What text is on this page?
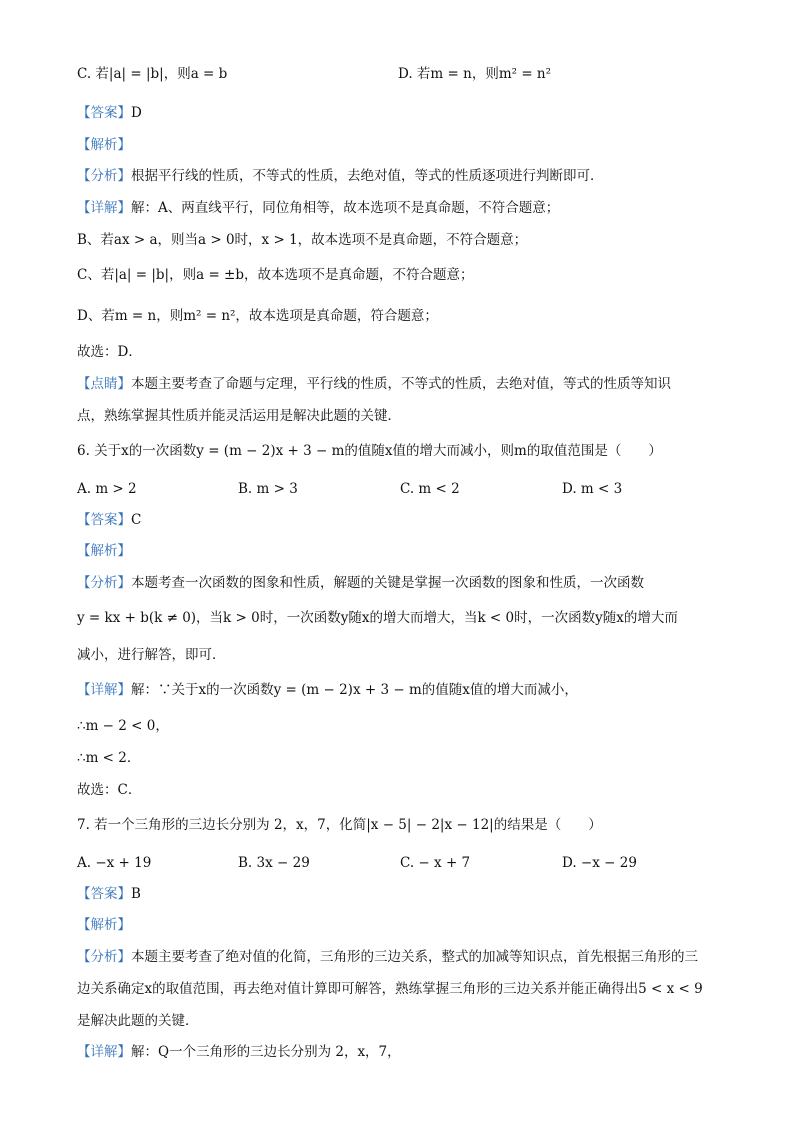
C. 若|a| = |b|，则a = b	D. 若m = n，则m² = n²
【答案】D
【解析】
【分析】根据平行线的性质，不等式的性质，去绝对值，等式的性质逐项进行判断即可．
【详解】解：A、两直线平行，同位角相等，故本选项不是真命题，不符合题意；
B、若ax > a，则当a > 0时，x > 1，故本选项不是真命题，不符合题意；
C、若|a| = |b|，则a = ±b，故本选项不是真命题，不符合题意；
D、若m = n，则m² = n²，故本选项是真命题，符合题意；
故选：D．
【点睛】本题主要考查了命题与定理，平行线的性质，不等式的性质，去绝对值，等式的性质等知识
点，熟练掌握其性质并能灵活运用是解决此题的关键．
6. 关于x的一次函数y = (m − 2)x + 3 − m的值随x值的增大而减小，则m的取值范围是（　　）
A. m > 2	B. m > 3	C. m < 2	D. m < 3
【答案】C
【解析】
【分析】本题考查一次函数的图象和性质，解题的关键是掌握一次函数的图象和性质，一次函数
y = kx + b(k ≠ 0)，当k > 0时，一次函数y随x的增大而增大，当k < 0时，一次函数y随x的增大而
减小，进行解答，即可．
【详解】解：∵关于x的一次函数y = (m − 2)x + 3 − m的值随x值的增大而减小，
∴m − 2 < 0，
∴m < 2．
故选：C．
7. 若一个三角形的三边长分别为 2，x，7，化简|x − 5| − 2|x − 12|的结果是（　　）
A. −x + 19	B. 3x − 29	C. − x + 7	D. −x − 29
【答案】B
【解析】
【分析】本题主要考查了绝对值的化简，三角形的三边关系，整式的加减等知识点，首先根据三角形的三
边关系确定x的取值范围，再去绝对值计算即可解答，熟练掌握三角形的三边关系并能正确得出5 < x < 9
是解决此题的关键．
【详解】解：Q一个三角形的三边长分别为 2，x，7，
